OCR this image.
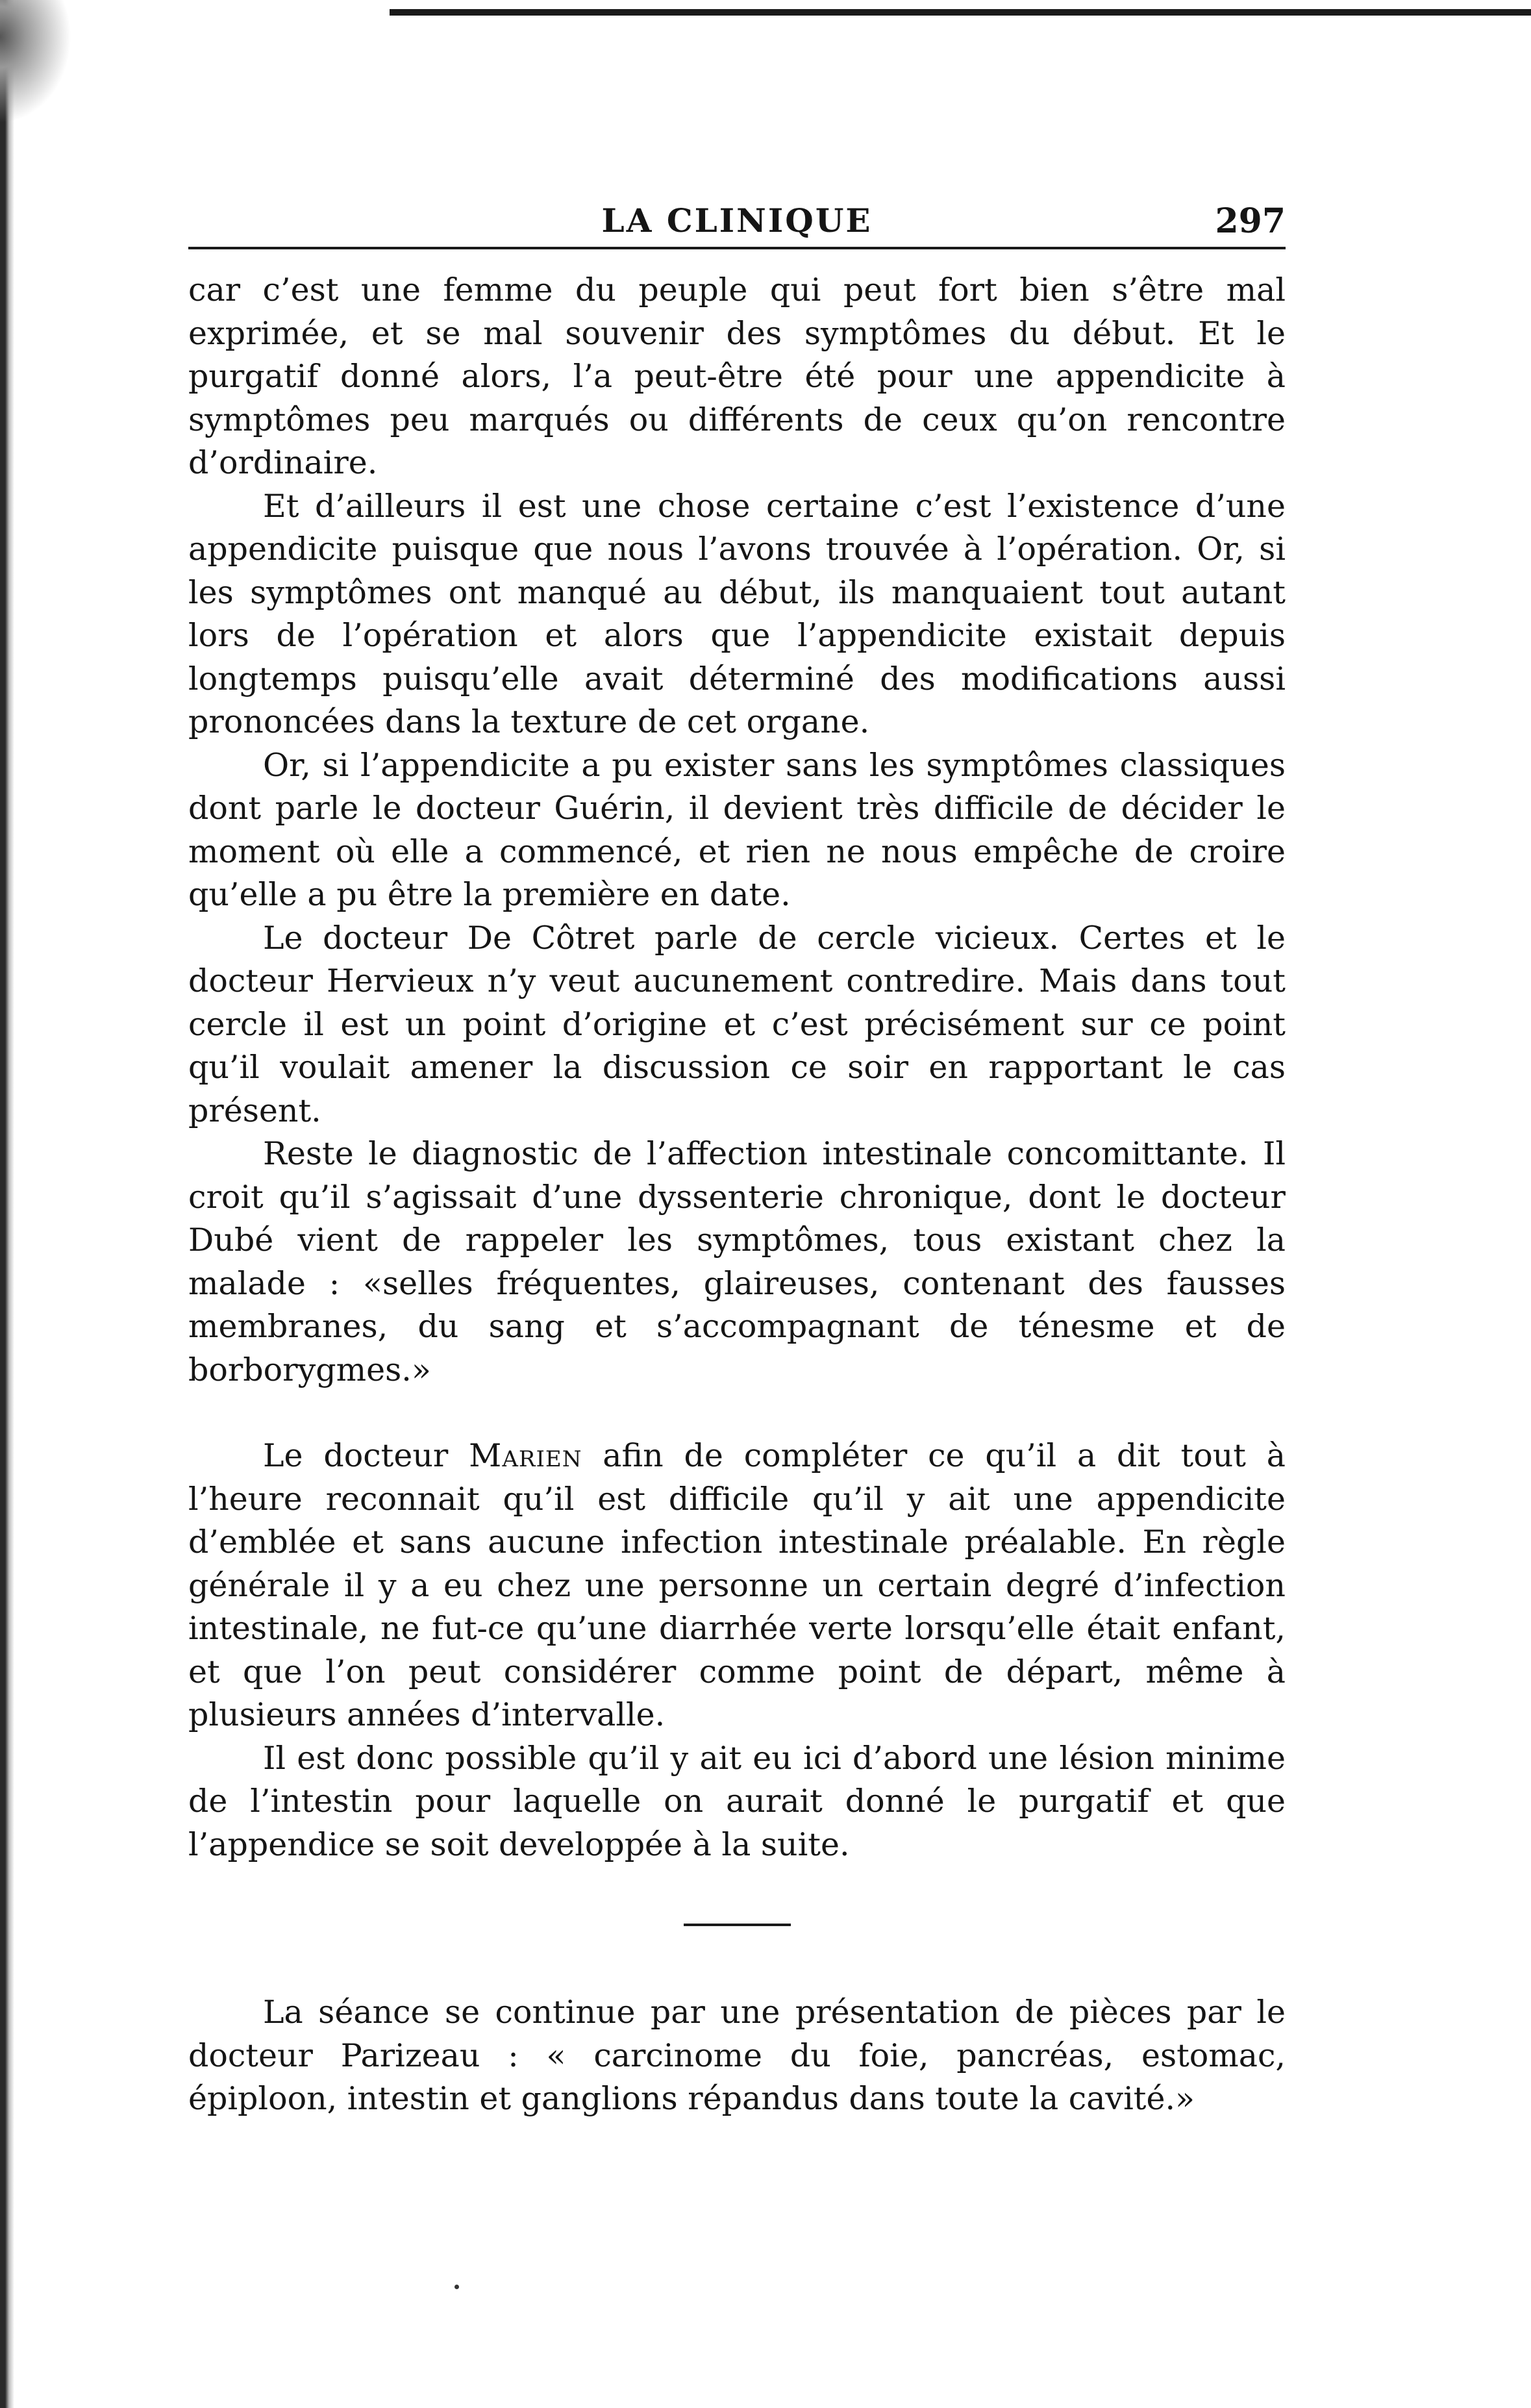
LA CLINIQUE	297

car c’est une femme du peuple qui peut fort bien s’être mal exprimée, et se mal souvenir des symptômes du début. Et le purgatif donné alors, l’a peut-être été pour une appendicite à symptômes peu marqués ou différents de ceux qu’on rencontre d’ordinaire.

Et d’ailleurs il est une chose certaine c’est l’existence d’une appendicite puisque que nous l’avons trouvée à l’opération. Or, si les symptômes ont manqué au début, ils manquaient tout autant lors de l’opération et alors que l’appendicite existait depuis longtemps puisqu’elle avait déterminé des modifications aussi prononcées dans la texture de cet organe.

Or, si l’appendicite a pu exister sans les symptômes classiques dont parle le docteur Guérin, il devient très difficile de décider le moment où elle a commencé, et rien ne nous empêche de croire qu’elle a pu être la première en date.

Le docteur De Côtret parle de cercle vicieux. Certes et le docteur Hervieux n’y veut aucunement contredire. Mais dans tout cercle il est un point d’origine et c’est précisément sur ce point qu’il voulait amener la discussion ce soir en rapportant le cas présent.

Reste le diagnostic de l’affection intestinale concomittante. Il croit qu’il s’agissait d’une dyssenterie chronique, dont le docteur Dubé vient de rappeler les symptômes, tous existant chez la malade : «selles fréquentes, glaireuses, contenant des fausses membranes, du sang et s’accompagnant de ténesme et de borborygmes.»

Le docteur Marien afin de compléter ce qu’il a dit tout à l’heure reconnait qu’il est difficile qu’il y ait une appendicite d’emblée et sans aucune infection intestinale préalable. En règle générale il y a eu chez une personne un certain degré d’infection intestinale, ne fut-ce qu’une diarrhée verte lorsqu’elle était enfant, et que l’on peut considérer comme point de départ, même à plusieurs années d’intervalle.

Il est donc possible qu’il y ait eu ici d’abord une lésion minime de l’intestin pour laquelle on aurait donné le purgatif et que l’appendice se soit developpée à la suite.

La séance se continue par une présentation de pièces par le docteur Parizeau : « carcinome du foie, pancréas, estomac, épiploon, intestin et ganglions répandus dans toute la cavité.»
